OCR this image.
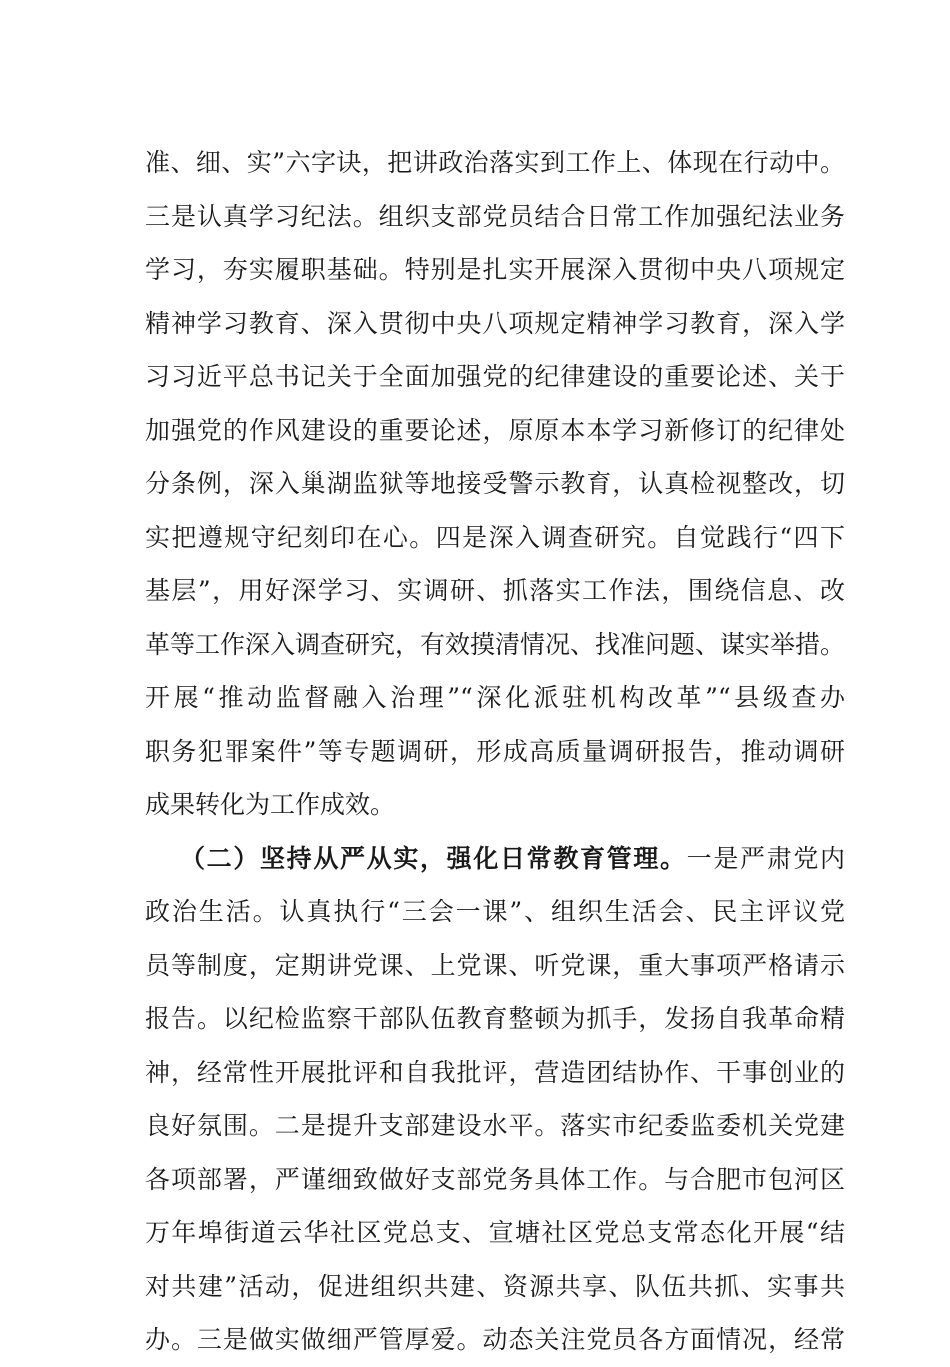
准、细、实”六字诀，把讲政治落实到工作上、体现在行动中。
三是认真学习纪法。组织支部党员结合日常工作加强纪法业务
学习，夯实履职基础。特别是扎实开展深入贯彻中央八项规定
精神学习教育、深入贯彻中央八项规定精神学习教育，深入学
习习近平总书记关于全面加强党的纪律建设的重要论述、关于
加强党的作风建设的重要论述，原原本本学习新修订的纪律处
分条例，深入巢湖监狱等地接受警示教育，认真检视整改，切
实把遵规守纪刻印在心。四是深入调查研究。自觉践行“四下
基层”，用好深学习、实调研、抓落实工作法，围绕信息、改
革等工作深入调查研究，有效摸清情况、找准问题、谋实举措。
开展“推动监督融入治理”“深化派驻机构改革”“县级查办
职务犯罪案件”等专题调研，形成高质量调研报告，推动调研
成果转化为工作成效。
（二）坚持从严从实，强化日常教育管理。一是严肃党内
政治生活。认真执行“三会一课”、组织生活会、民主评议党
员等制度，定期讲党课、上党课、听党课，重大事项严格请示
报告。以纪检监察干部队伍教育整顿为抓手，发扬自我革命精
神，经常性开展批评和自我批评，营造团结协作、干事创业的
良好氛围。二是提升支部建设水平。落实市纪委监委机关党建
各项部署，严谨细致做好支部党务具体工作。与合肥市包河区
万年埠街道云华社区党总支、宣塘社区党总支常态化开展“结
对共建”活动，促进组织共建、资源共享、队伍共抓、实事共
办。三是做实做细严管厚爱。动态关注党员各方面情况，经常
